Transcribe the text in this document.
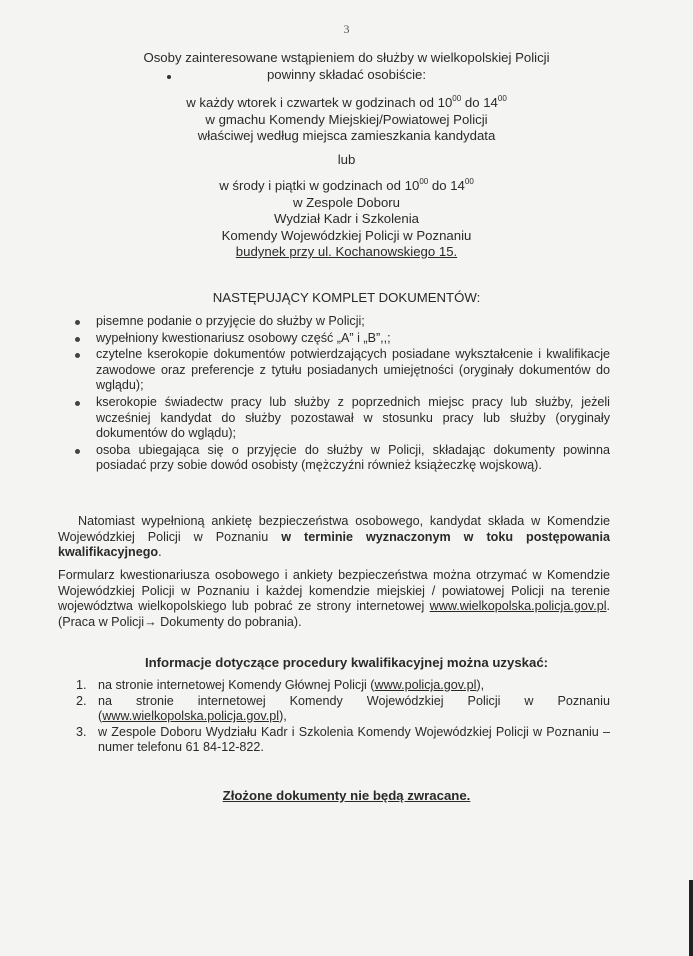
3
Osoby zainteresowane wstąpieniem do służby w wielkopolskiej Policji
powinny składać osobiście:
w każdy wtorek i czwartek w godzinach od $10^{00}$ do $14^{00}$
w gmachu Komendy Miejskiej/Powiatowej Policji
właściwej według miejsca zamieszkania kandydata
lub
w środy i piątki w godzinach od $10^{00}$ do $14^{00}$
w Zespole Doboru
Wydział Kadr i Szkolenia
Komendy Wojewódzkiej Policji w Poznaniu
budynek przy ul. Kochanowskiego 15.
NASTĘPUJĄCY KOMPLET DOKUMENTÓW:
pisemne podanie o przyjęcie do służby w Policji;
wypełniony kwestionariusz osobowy część „A” i „B”,,;
czytelne kserokopie dokumentów potwierdzających posiadane wykształcenie i kwalifikacje zawodowe oraz preferencje z tytułu posiadanych umiejętności (oryginały dokumentów do wglądu);
kserokopie świadectw pracy lub służby z poprzednich miejsc pracy lub służby, jeżeli wcześniej kandydat do służby pozostawał w stosunku pracy lub służby (oryginały dokumentów do wglądu);
osoba ubiegająca się o przyjęcie do służby w Policji, składając dokumenty powinna posiadać przy sobie dowód osobisty (mężczyźni również książeczkę wojskową).
Natomiast wypełnioną ankietę bezpieczeństwa osobowego, kandydat składa w Komendzie Wojewódzkiej Policji w Poznaniu w terminie wyznaczonym w toku postępowania kwalifikacyjnego.
Formularz kwestionariusza osobowego i ankiety bezpieczeństwa można otrzymać w Komendzie Wojewódzkiej Policji w Poznaniu i każdej komendzie miejskiej / powiatowej Policji na terenie województwa wielkopolskiego lub pobrać ze strony internetowej www.wielkopolska.policja.gov.pl. (Praca w Policji→ Dokumenty do pobrania).
Informacje dotyczące procedury kwalifikacyjnej można uzyskać:
1. na stronie internetowej Komendy Głównej Policji (www.policja.gov.pl),
2. na stronie internetowej Komendy Wojewódzkiej Policji w Poznaniu (www.wielkopolska.policja.gov.pl),
3. w Zespole Doboru Wydziału Kadr i Szkolenia Komendy Wojewódzkiej Policji w Poznaniu – numer telefonu 61 84-12-822.
Złożone dokumenty nie będą zwracane.
